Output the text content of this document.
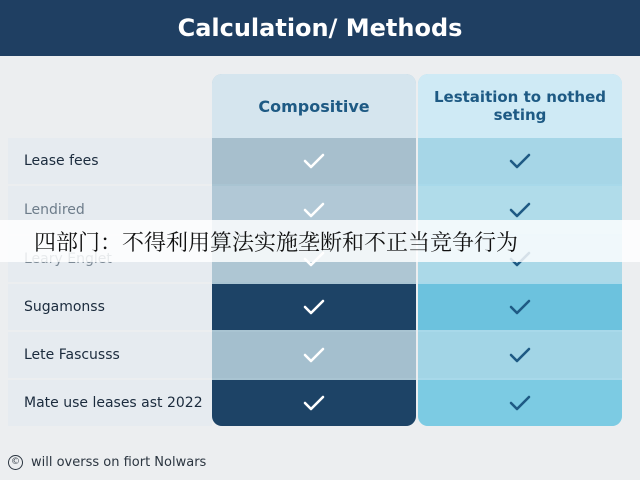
Calculation/ Methods
Compositive	Lestaition to nothed seting
Lease fees
Lendired
Sugamonss
Lete Fascusss
Mate use leases ast 2022
四部门：不得利用算法实施垄断和不正当竞争行为
© will overss on fiort Nolwars
